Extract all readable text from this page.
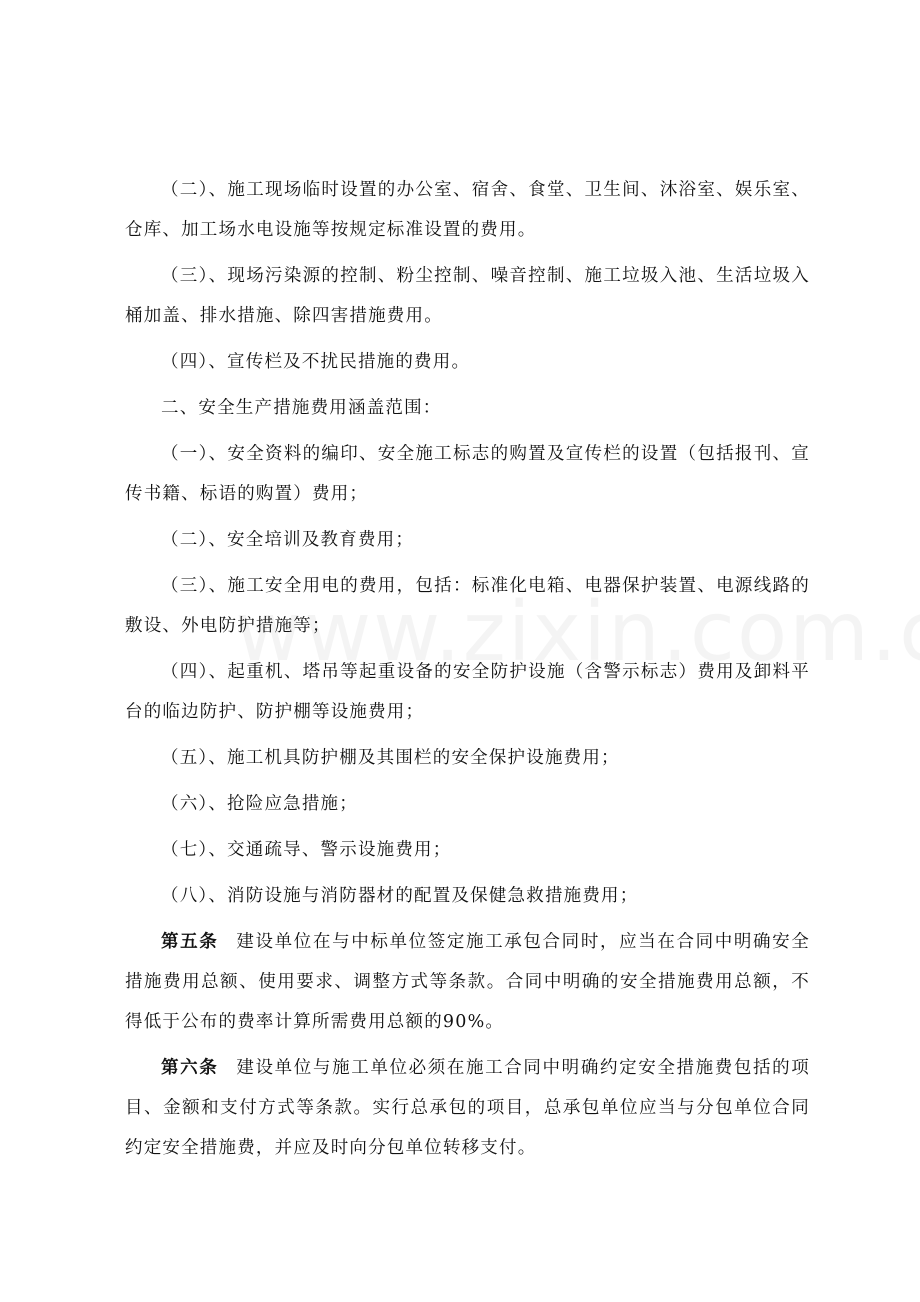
（二）、施工现场临时设置的办公室、宿舍、食堂、卫生间、沐浴室、娱乐室、仓库、加工场水电设施等按规定标准设置的费用。

（三）、现场污染源的控制、粉尘控制、噪音控制、施工垃圾入池、生活垃圾入桶加盖、排水措施、除四害措施费用。

（四）、宣传栏及不扰民措施的费用。

二、安全生产措施费用涵盖范围：

（一）、安全资料的编印、安全施工标志的购置及宣传栏的设置（包括报刊、宣传书籍、标语的购置）费用；

（二）、安全培训及教育费用；

（三）、施工安全用电的费用，包括：标准化电箱、电器保护装置、电源线路的敷设、外电防护措施等；

（四）、起重机、塔吊等起重设备的安全防护设施（含警示标志）费用及卸料平台的临边防护、防护棚等设施费用；

（五）、施工机具防护棚及其围栏的安全保护设施费用；

（六）、抢险应急措施；

（七）、交通疏导、警示设施费用；

（八）、消防设施与消防器材的配置及保健急救措施费用；

第五条 建设单位在与中标单位签定施工承包合同时，应当在合同中明确安全措施费用总额、使用要求、调整方式等条款。合同中明确的安全措施费用总额，不得低于公布的费率计算所需费用总额的90%。

第六条 建设单位与施工单位必须在施工合同中明确约定安全措施费包括的项目、金额和支付方式等条款。实行总承包的项目，总承包单位应当与分包单位合同约定安全措施费，并应及时向分包单位转移支付。
